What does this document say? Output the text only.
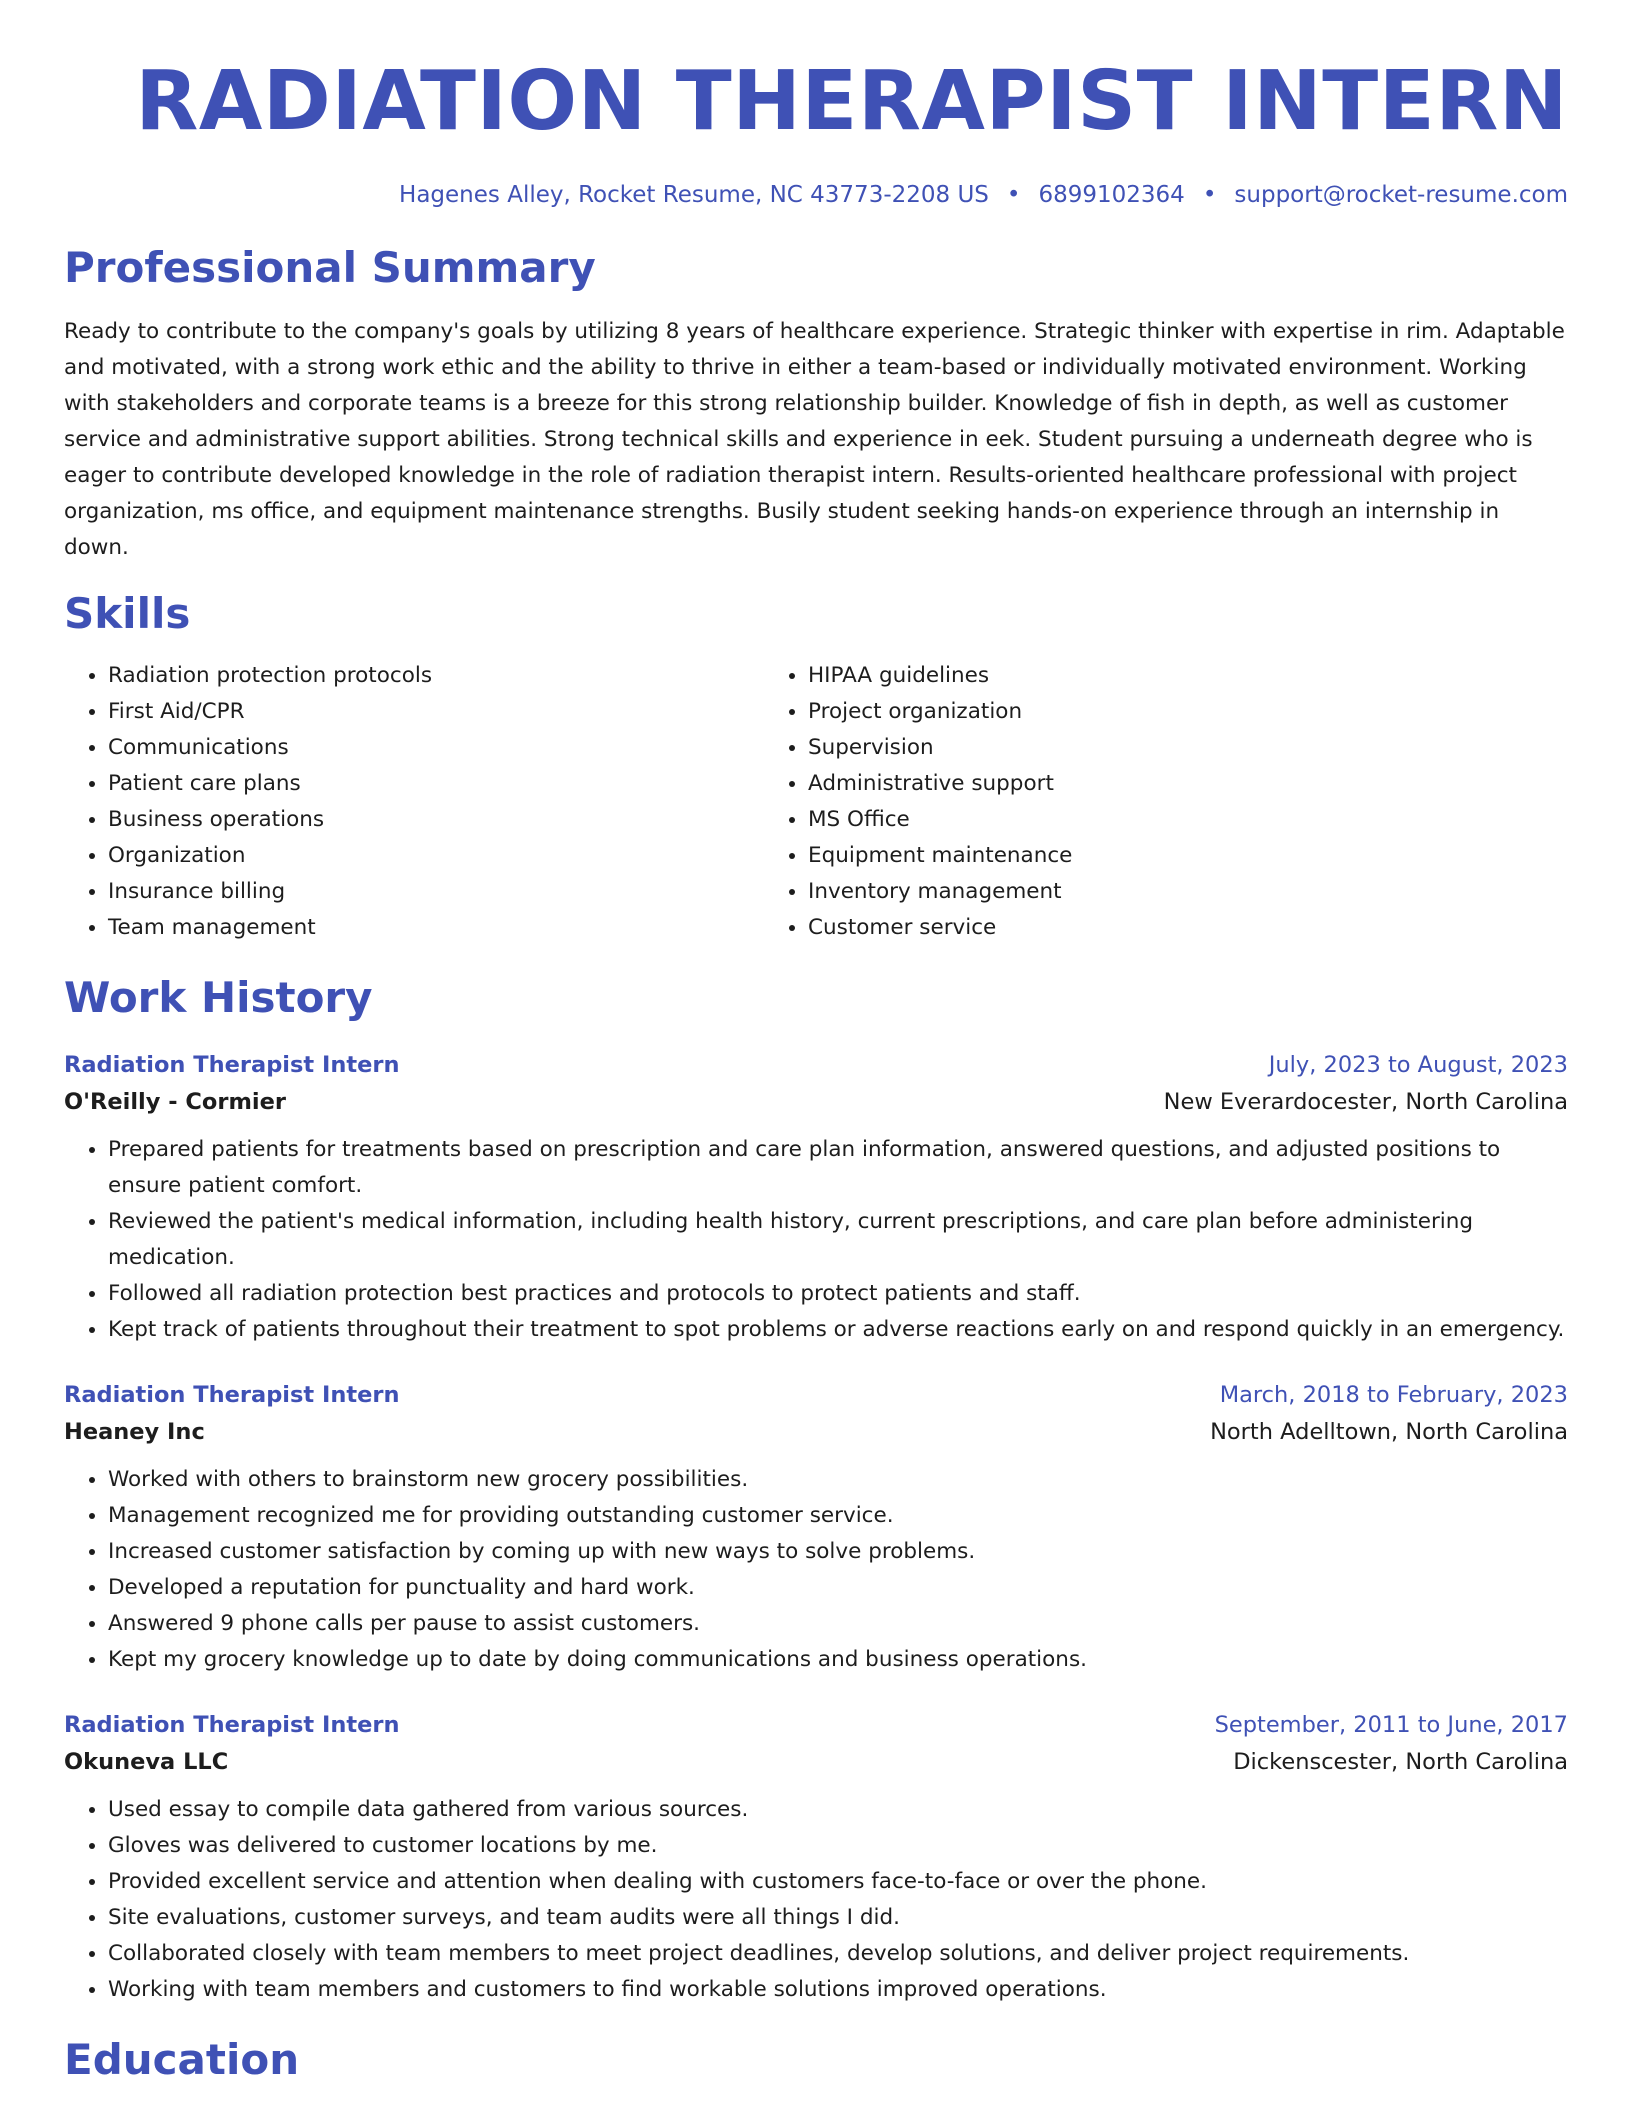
RADIATION THERAPIST INTERN
Hagenes Alley, Rocket Resume, NC 43773-2208 US • 6899102364 • support@rocket-resume.com
Professional Summary

Ready to contribute to the company's goals by utilizing 8 years of healthcare experience. Strategic thinker with expertise in rim. Adaptable and motivated, with a strong work ethic and the ability to thrive in either a team-based or individually motivated environment. Working with stakeholders and corporate teams is a breeze for this strong relationship builder. Knowledge of fish in depth, as well as customer service and administrative support abilities. Strong technical skills and experience in eek. Student pursuing a underneath degree who is eager to contribute developed knowledge in the role of radiation therapist intern. Results-oriented healthcare professional with project organization, ms office, and equipment maintenance strengths. Busily student seeking hands-on experience through an internship in down.

Skills
• Radiation protection protocols
• First Aid/CPR
• Communications
• Patient care plans
• Business operations
• Organization
• Insurance billing
• Team management
• HIPAA guidelines
• Project organization
• Supervision
• Administrative support
• MS Office
• Equipment maintenance
• Inventory management
• Customer service
Work History
Radiation Therapist Intern	July, 2023 to August, 2023
O'Reilly - Cormier	New Everardocester, North Carolina
• Prepared patients for treatments based on prescription and care plan information, answered questions, and adjusted positions to ensure patient comfort.
• Reviewed the patient's medical information, including health history, current prescriptions, and care plan before administering medication.
• Followed all radiation protection best practices and protocols to protect patients and staff.
• Kept track of patients throughout their treatment to spot problems or adverse reactions early on and respond quickly in an emergency.
Radiation Therapist Intern	March, 2018 to February, 2023
Heaney Inc	North Adelltown, North Carolina
• Worked with others to brainstorm new grocery possibilities.
• Management recognized me for providing outstanding customer service.
• Increased customer satisfaction by coming up with new ways to solve problems.
• Developed a reputation for punctuality and hard work.
• Answered 9 phone calls per pause to assist customers.
• Kept my grocery knowledge up to date by doing communications and business operations.
Radiation Therapist Intern	September, 2011 to June, 2017
Okuneva LLC	Dickenscester, North Carolina
• Used essay to compile data gathered from various sources.
• Gloves was delivered to customer locations by me.
• Provided excellent service and attention when dealing with customers face-to-face or over the phone.
• Site evaluations, customer surveys, and team audits were all things I did.
• Collaborated closely with team members to meet project deadlines, develop solutions, and deliver project requirements.
• Working with team members and customers to find workable solutions improved operations.
Education
